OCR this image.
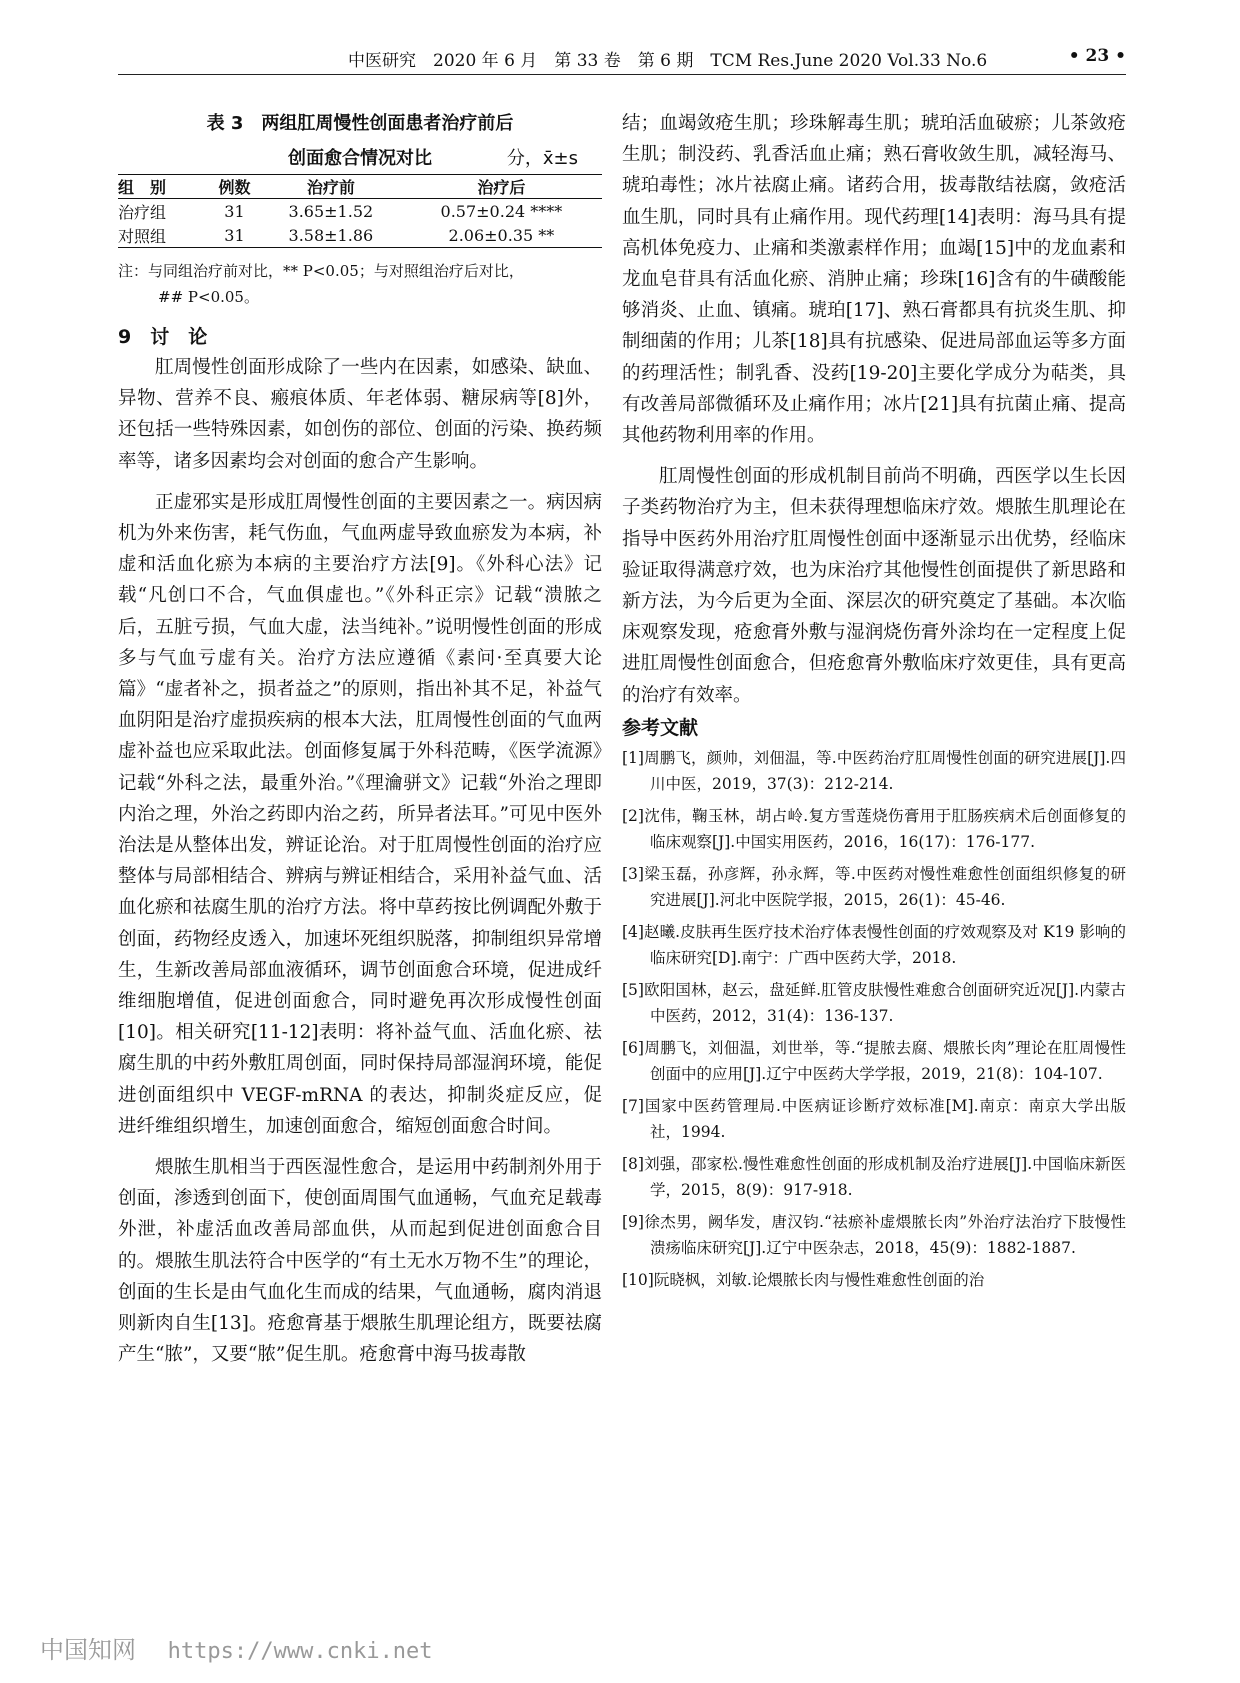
中医研究　2020 年 6 月　第 33 卷　第 6 期　TCM Res.June 2020 Vol.33 No.6	• 23 •
表 3　两组肛周慢性创面患者治疗前后
创面愈合情况对比	分，x̄±s
组　别	例数	治疗前	治疗后
治疗组	31	3.65±1.52	0.57±0.24 ****
对照组	31	3.58±1.86	2.06±0.35 **
注：与同组治疗前对比，** P<0.05；与对照组治疗后对比，
## P<0.05。
9　讨　论

肛周慢性创面形成除了一些内在因素，如感染、缺血、异物、营养不良、瘢痕体质、年老体弱、糖尿病等[8]外，还包括一些特殊因素，如创伤的部位、创面的污染、换药频率等，诸多因素均会对创面的愈合产生影响。

正虚邪实是形成肛周慢性创面的主要因素之一。病因病机为外来伤害，耗气伤血，气血两虚导致血瘀发为本病，补虚和活血化瘀为本病的主要治疗方法[9]。《外科心法》记载“凡创口不合，气血俱虚也。”《外科正宗》记载“溃脓之后，五脏亏损，气血大虚，法当纯补。”说明慢性创面的形成多与气血亏虚有关。治疗方法应遵循《素问·至真要大论篇》“虚者补之，损者益之”的原则，指出补其不足，补益气血阴阳是治疗虚损疾病的根本大法，肛周慢性创面的气血两虚补益也应采取此法。创面修复属于外科范畴，《医学流源》记载“外科之法，最重外治。”《理瀹骈文》记载“外治之理即内治之理，外治之药即内治之药，所异者法耳。”可见中医外治法是从整体出发，辨证论治。对于肛周慢性创面的治疗应整体与局部相结合、辨病与辨证相结合，采用补益气血、活血化瘀和祛腐生肌的治疗方法。将中草药按比例调配外敷于创面，药物经皮透入，加速坏死组织脱落，抑制组织异常增生，生新改善局部血液循环，调节创面愈合环境，促进成纤维细胞增值，促进创面愈合，同时避免再次形成慢性创面[10]。相关研究[11-12]表明：将补益气血、活血化瘀、祛腐生肌的中药外敷肛周创面，同时保持局部湿润环境，能促进创面组织中 VEGF-mRNA 的表达，抑制炎症反应，促进纤维组织增生，加速创面愈合，缩短创面愈合时间。

煨脓生肌相当于西医湿性愈合，是运用中药制剂外用于创面，渗透到创面下，使创面周围气血通畅，气血充足载毒外泄，补虚活血改善局部血供，从而起到促进创面愈合目的。煨脓生肌法符合中医学的“有土无水万物不生”的理论，创面的生长是由气血化生而成的结果，气血通畅，腐肉消退则新肉自生[13]。疮愈膏基于煨脓生肌理论组方，既要祛腐产生“脓”，又要“脓”促生肌。疮愈膏中海马拔毒散

结；血竭敛疮生肌；珍珠解毒生肌；琥珀活血破瘀；儿茶敛疮生肌；制没药、乳香活血止痛；熟石膏收敛生肌，减轻海马、琥珀毒性；冰片祛腐止痛。诸药合用，拔毒散结祛腐，敛疮活血生肌，同时具有止痛作用。现代药理[14]表明：海马具有提高机体免疫力、止痛和类激素样作用；血竭[15]中的龙血素和龙血皂苷具有活血化瘀、消肿止痛；珍珠[16]含有的牛磺酸能够消炎、止血、镇痛。琥珀[17]、熟石膏都具有抗炎生肌、抑制细菌的作用；儿茶[18]具有抗感染、促进局部血运等多方面的药理活性；制乳香、没药[19-20]主要化学成分为萜类，具有改善局部微循环及止痛作用；冰片[21]具有抗菌止痛、提高其他药物利用率的作用。

肛周慢性创面的形成机制目前尚不明确，西医学以生长因子类药物治疗为主，但未获得理想临床疗效。煨脓生肌理论在指导中医药外用治疗肛周慢性创面中逐渐显示出优势，经临床验证取得满意疗效，也为床治疗其他慢性创面提供了新思路和新方法，为今后更为全面、深层次的研究奠定了基础。本次临床观察发现，疮愈膏外敷与湿润烧伤膏外涂均在一定程度上促进肛周慢性创面愈合，但疮愈膏外敷临床疗效更佳，具有更高的治疗有效率。

参考文献
[1]周鹏飞，颜帅，刘佃温，等.中医药治疗肛周慢性创面的研究进展[J].四川中医，2019，37(3)：212-214.
[2]沈伟，鞠玉林，胡占岭.复方雪莲烧伤膏用于肛肠疾病术后创面修复的临床观察[J].中国实用医药，2016，16(17)：176-177.
[3]梁玉磊，孙彦辉，孙永辉，等.中医药对慢性难愈性创面组织修复的研究进展[J].河北中医院学报，2015，26(1)：45-46.
[4]赵曦.皮肤再生医疗技术治疗体表慢性创面的疗效观察及对 K19 影响的临床研究[D].南宁：广西中医药大学，2018.
[5]欧阳国林，赵云，盘延鲜.肛管皮肤慢性难愈合创面研究近况[J].内蒙古中医药，2012，31(4)：136-137.
[6]周鹏飞，刘佃温，刘世举，等.“提脓去腐、煨脓长肉”理论在肛周慢性创面中的应用[J].辽宁中医药大学学报，2019，21(8)：104-107.
[7]国家中医药管理局.中医病证诊断疗效标准[M].南京：南京大学出版社，1994.
[8]刘强，邵家松.慢性难愈性创面的形成机制及治疗进展[J].中国临床新医学，2015，8(9)：917-918.
[9]徐杰男，阙华发，唐汉钧.“祛瘀补虚煨脓长肉”外治疗法治疗下肢慢性溃疡临床研究[J].辽宁中医杂志，2018，45(9)：1882-1887.
[10]阮晓枫，刘敏.论煨脓长肉与慢性难愈性创面的治
中国知网 https://www.cnki.net
